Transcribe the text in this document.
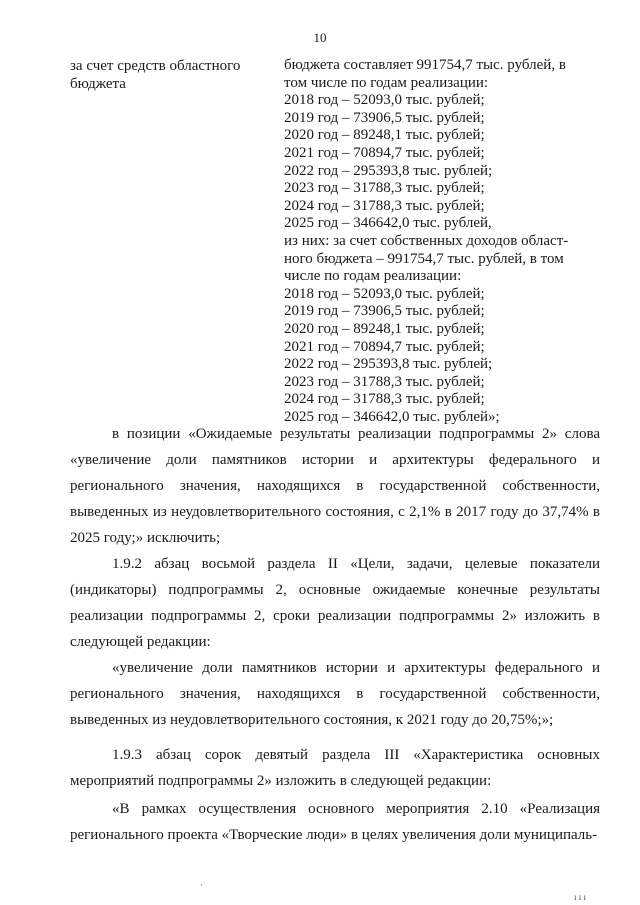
10
за счет средств областного бюджета
бюджета составляет 991754,7 тыс. рублей, в
том числе по годам реализации:
2018 год – 52093,0 тыс. рублей;
2019 год – 73906,5 тыс. рублей;
2020 год – 89248,1 тыс. рублей;
2021 год – 70894,7 тыс. рублей;
2022 год – 295393,8 тыс. рублей;
2023 год – 31788,3 тыс. рублей;
2024 год – 31788,3 тыс. рублей;
2025 год – 346642,0 тыс. рублей,
из них: за счет собственных доходов област-
ного бюджета – 991754,7 тыс. рублей, в том
числе по годам реализации:
2018 год – 52093,0 тыс. рублей;
2019 год – 73906,5 тыс. рублей;
2020 год – 89248,1 тыс. рублей;
2021 год – 70894,7 тыс. рублей;
2022 год – 295393,8 тыс. рублей;
2023 год – 31788,3 тыс. рублей;
2024 год – 31788,3 тыс. рублей;
2025 год – 346642,0 тыс. рублей»;

в позиции «Ожидаемые результаты реализации подпрограммы 2» слова «увеличение доли памятников истории и архитектуры федерального и регионального значения, находящихся в государственной собственности, выведенных из неудовлетворительного состояния, с 2,1% в 2017 году до 37,74% в 2025 году;» исключить;

1.9.2 абзац восьмой раздела II «Цели, задачи, целевые показатели (индикаторы) подпрограммы 2, основные ожидаемые конечные результаты реализации подпрограммы 2, сроки реализации подпрограммы 2» изложить в следующей редакции:

«увеличение доли памятников истории и архитектуры федерального и регионального значения, находящихся в государственной собственности, выведенных из неудовлетворительного состояния, к 2021 году до 20,75%;»;

1.9.3 абзац сорок девятый раздела III «Характеристика основных мероприятий подпрограммы 2» изложить в следующей редакции:

«В рамках осуществления основного мероприятия 2.10 «Реализация регионального проекта «Творческие люди» в целях увеличения доли муниципаль-

·
ı ı ı
